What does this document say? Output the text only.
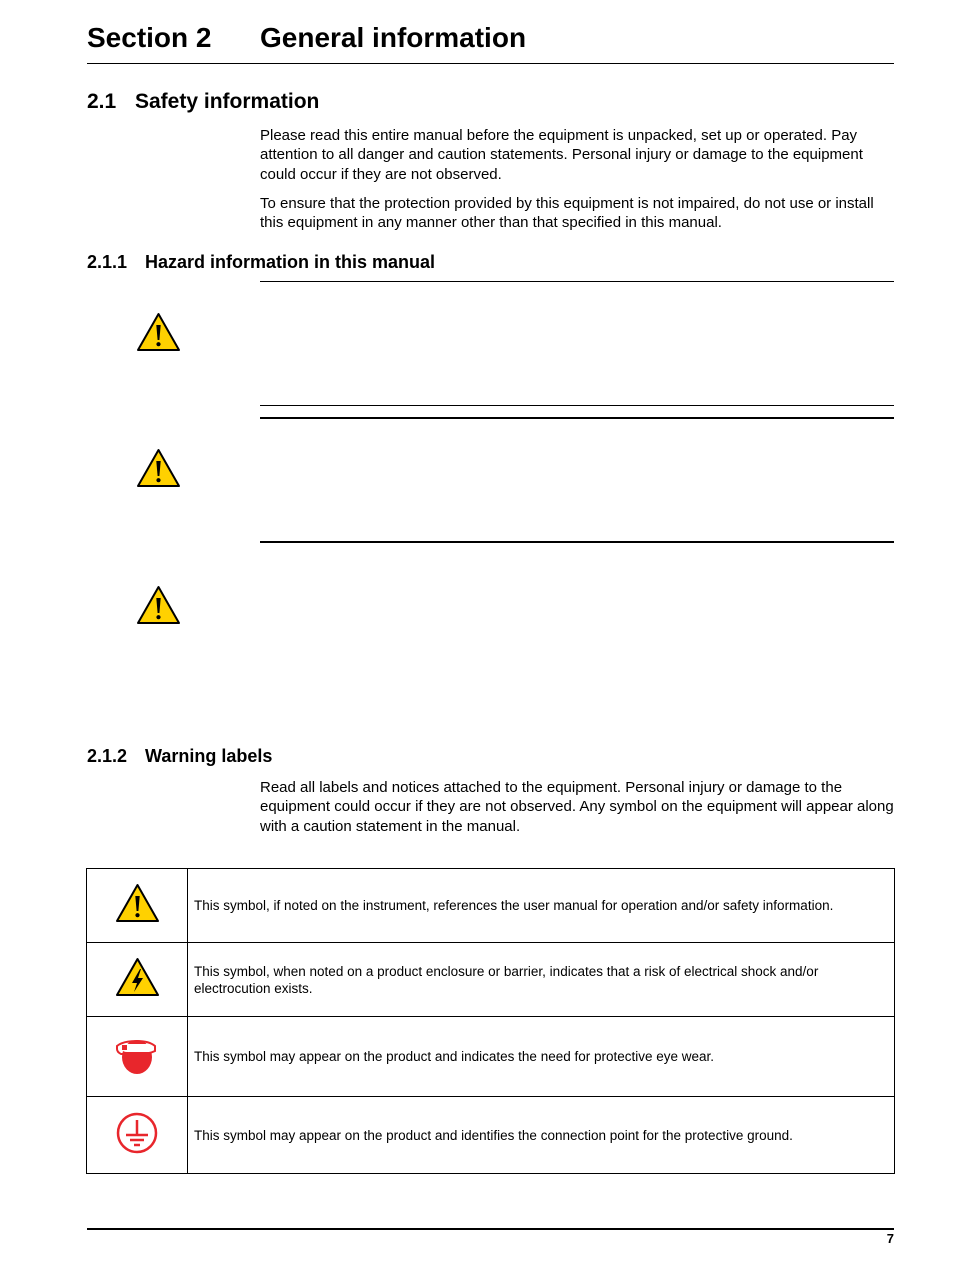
Section 2 General information
2.1 Safety information

Please read this entire manual before the equipment is unpacked, set up or operated. Pay attention to all danger and caution statements. Personal injury or damage to the equipment could occur if they are not observed.

To ensure that the protection provided by this equipment is not impaired, do not use or install this equipment in any manner other than that specified in this manual.

2.1.1 Hazard information in this manual
2.1.2 Warning labels

Read all labels and notices attached to the equipment. Personal injury or damage to the equipment could occur if they are not observed. Any symbol on the equipment will appear along with a caution statement in the manual.

	This symbol, if noted on the instrument, references the user manual for operation and/or safety information.
	This symbol, when noted on a product enclosure or barrier, indicates that a risk of electrical shock and/or electrocution exists.
	This symbol may appear on the product and indicates the need for protective eye wear.
	This symbol may appear on the product and identifies the connection point for the protective ground.
7
